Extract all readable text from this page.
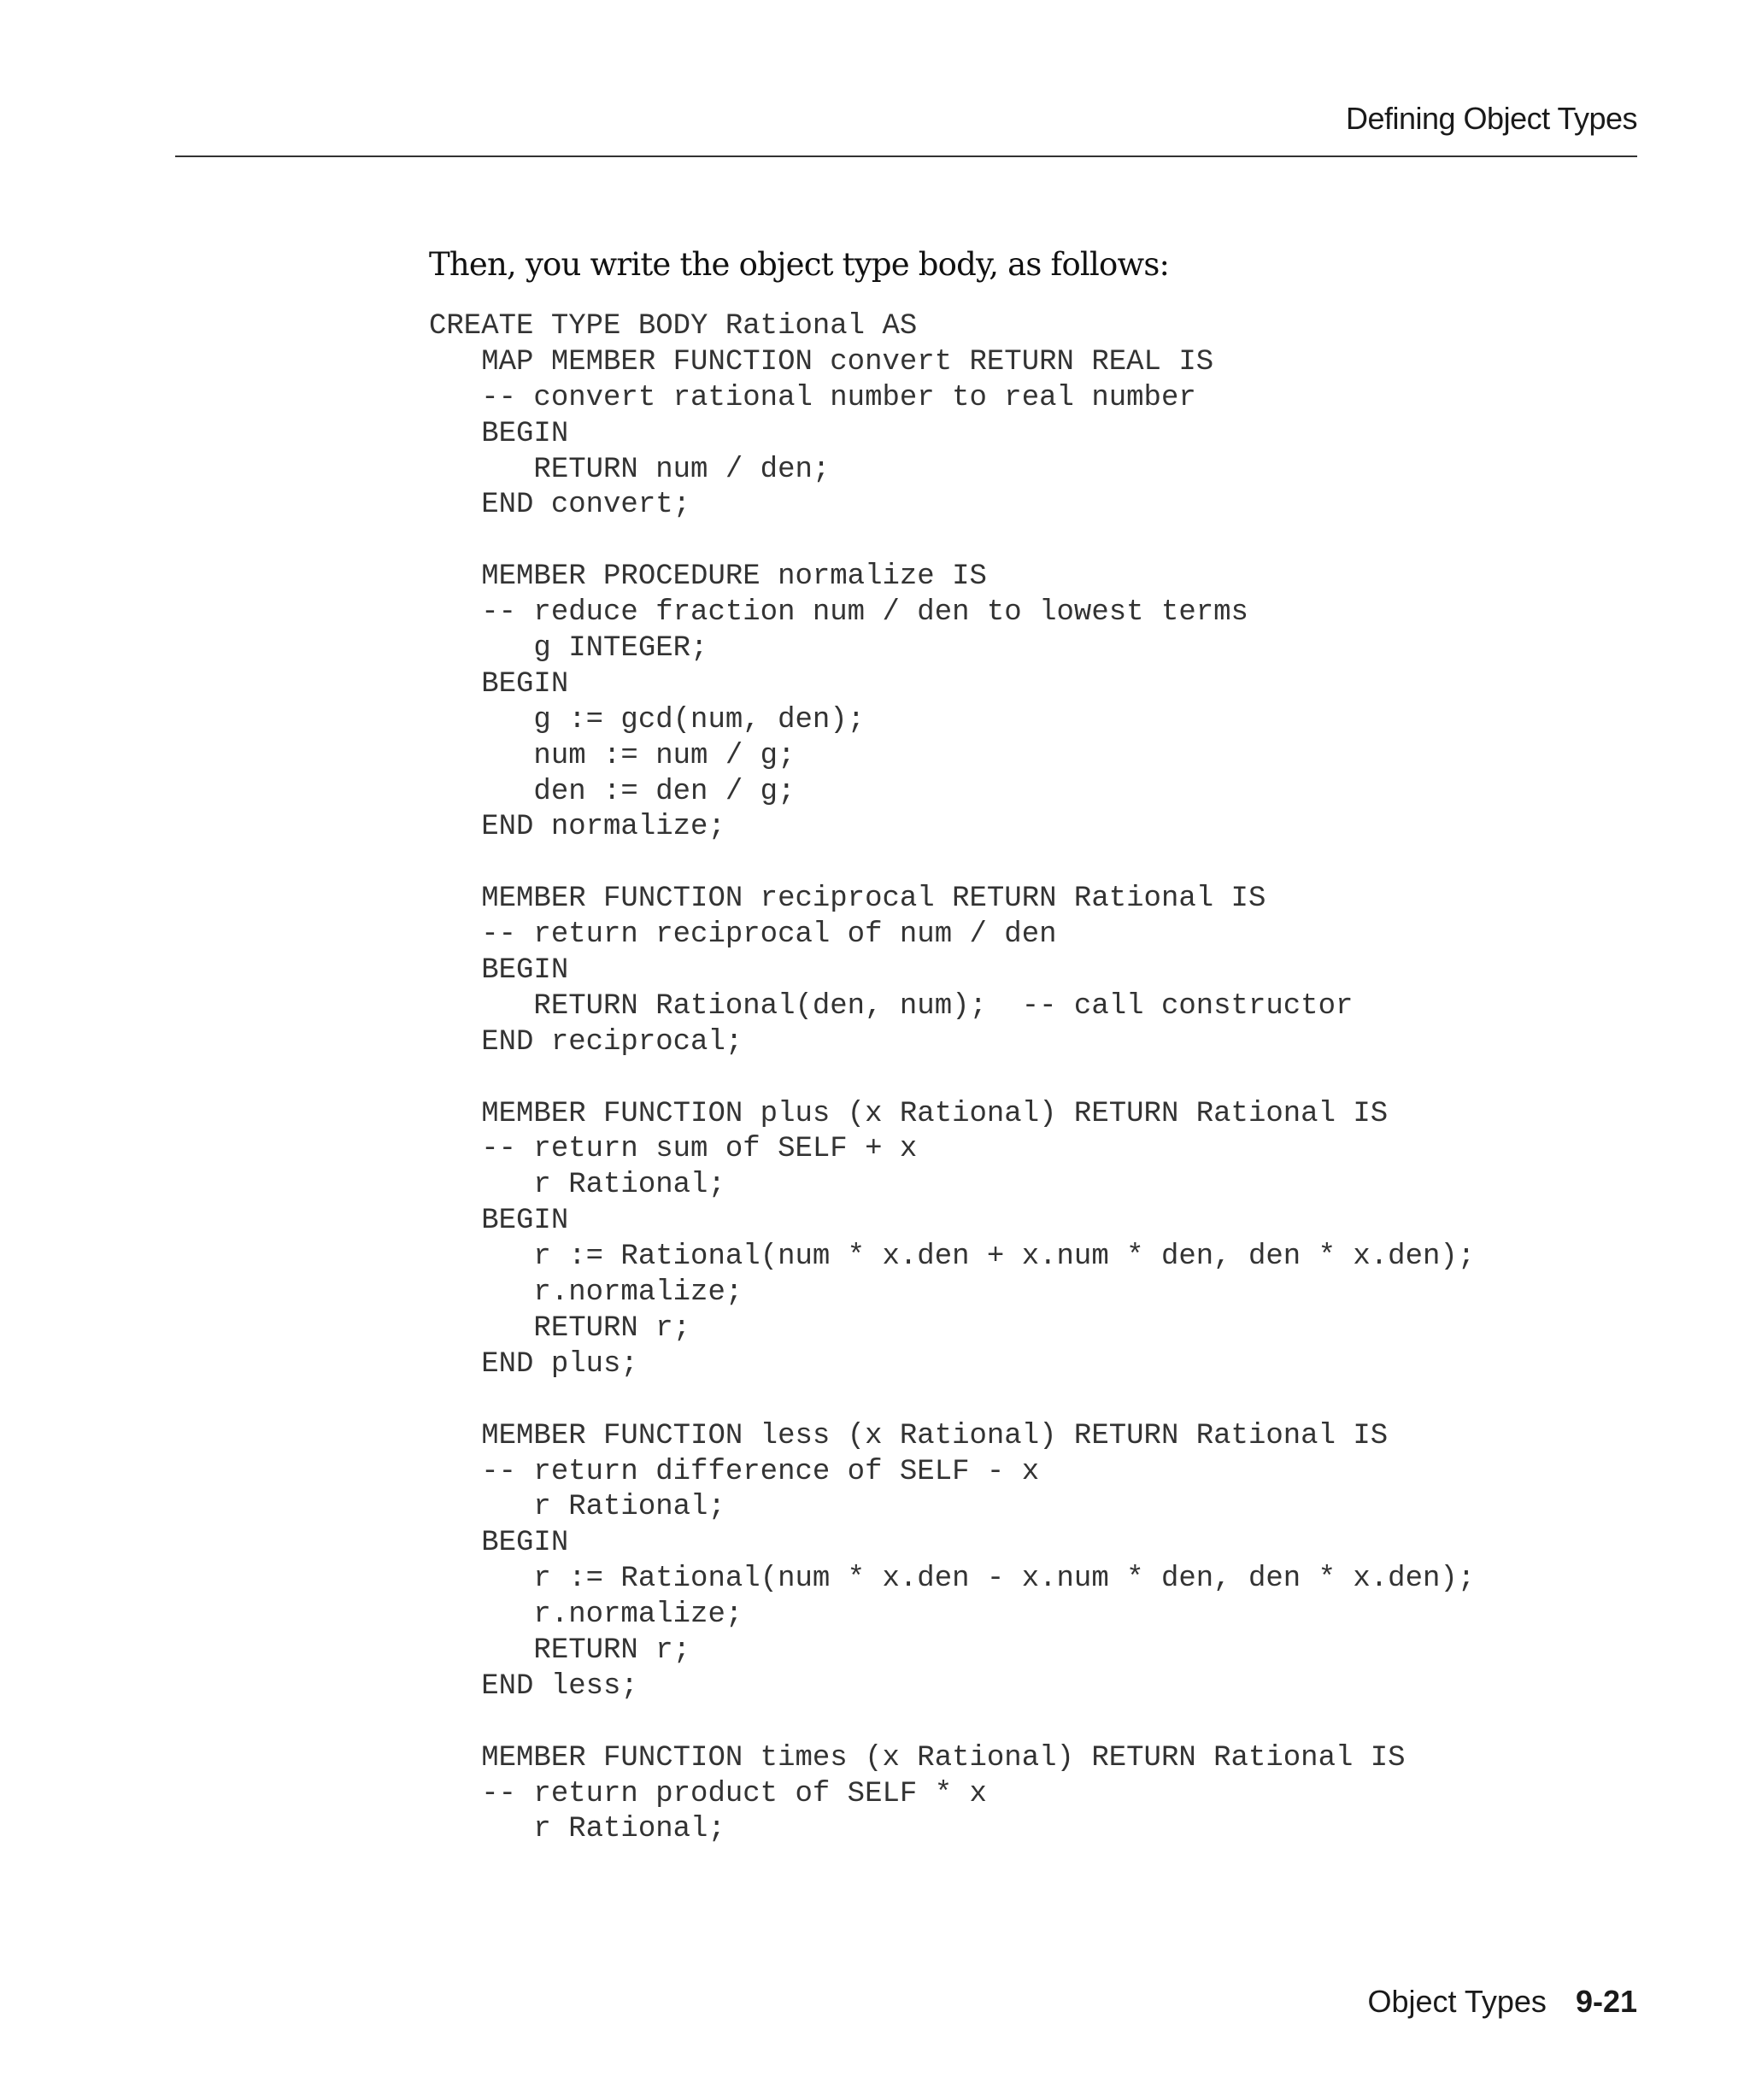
Defining Object Types

Then, you write the object type body, as follows:

CREATE TYPE BODY Rational AS
MAP MEMBER FUNCTION convert RETURN REAL IS
-- convert rational number to real number
BEGIN
RETURN num / den;
END convert;
MEMBER PROCEDURE normalize IS
-- reduce fraction num / den to lowest terms
g INTEGER;
BEGIN
g := gcd(num, den);
num := num / g;
den := den / g;
END normalize;
MEMBER FUNCTION reciprocal RETURN Rational IS
-- return reciprocal of num / den
BEGIN
RETURN Rational(den, num);  -- call constructor
END reciprocal;
MEMBER FUNCTION plus (x Rational) RETURN Rational IS
-- return sum of SELF + x
r Rational;
BEGIN
r := Rational(num * x.den + x.num * den, den * x.den);
r.normalize;
RETURN r;
END plus;
MEMBER FUNCTION less (x Rational) RETURN Rational IS
-- return difference of SELF - x
r Rational;
BEGIN
r := Rational(num * x.den - x.num * den, den * x.den);
r.normalize;
RETURN r;
END less;
MEMBER FUNCTION times (x Rational) RETURN Rational IS
-- return product of SELF * x
r Rational;
Object Types 9-21
